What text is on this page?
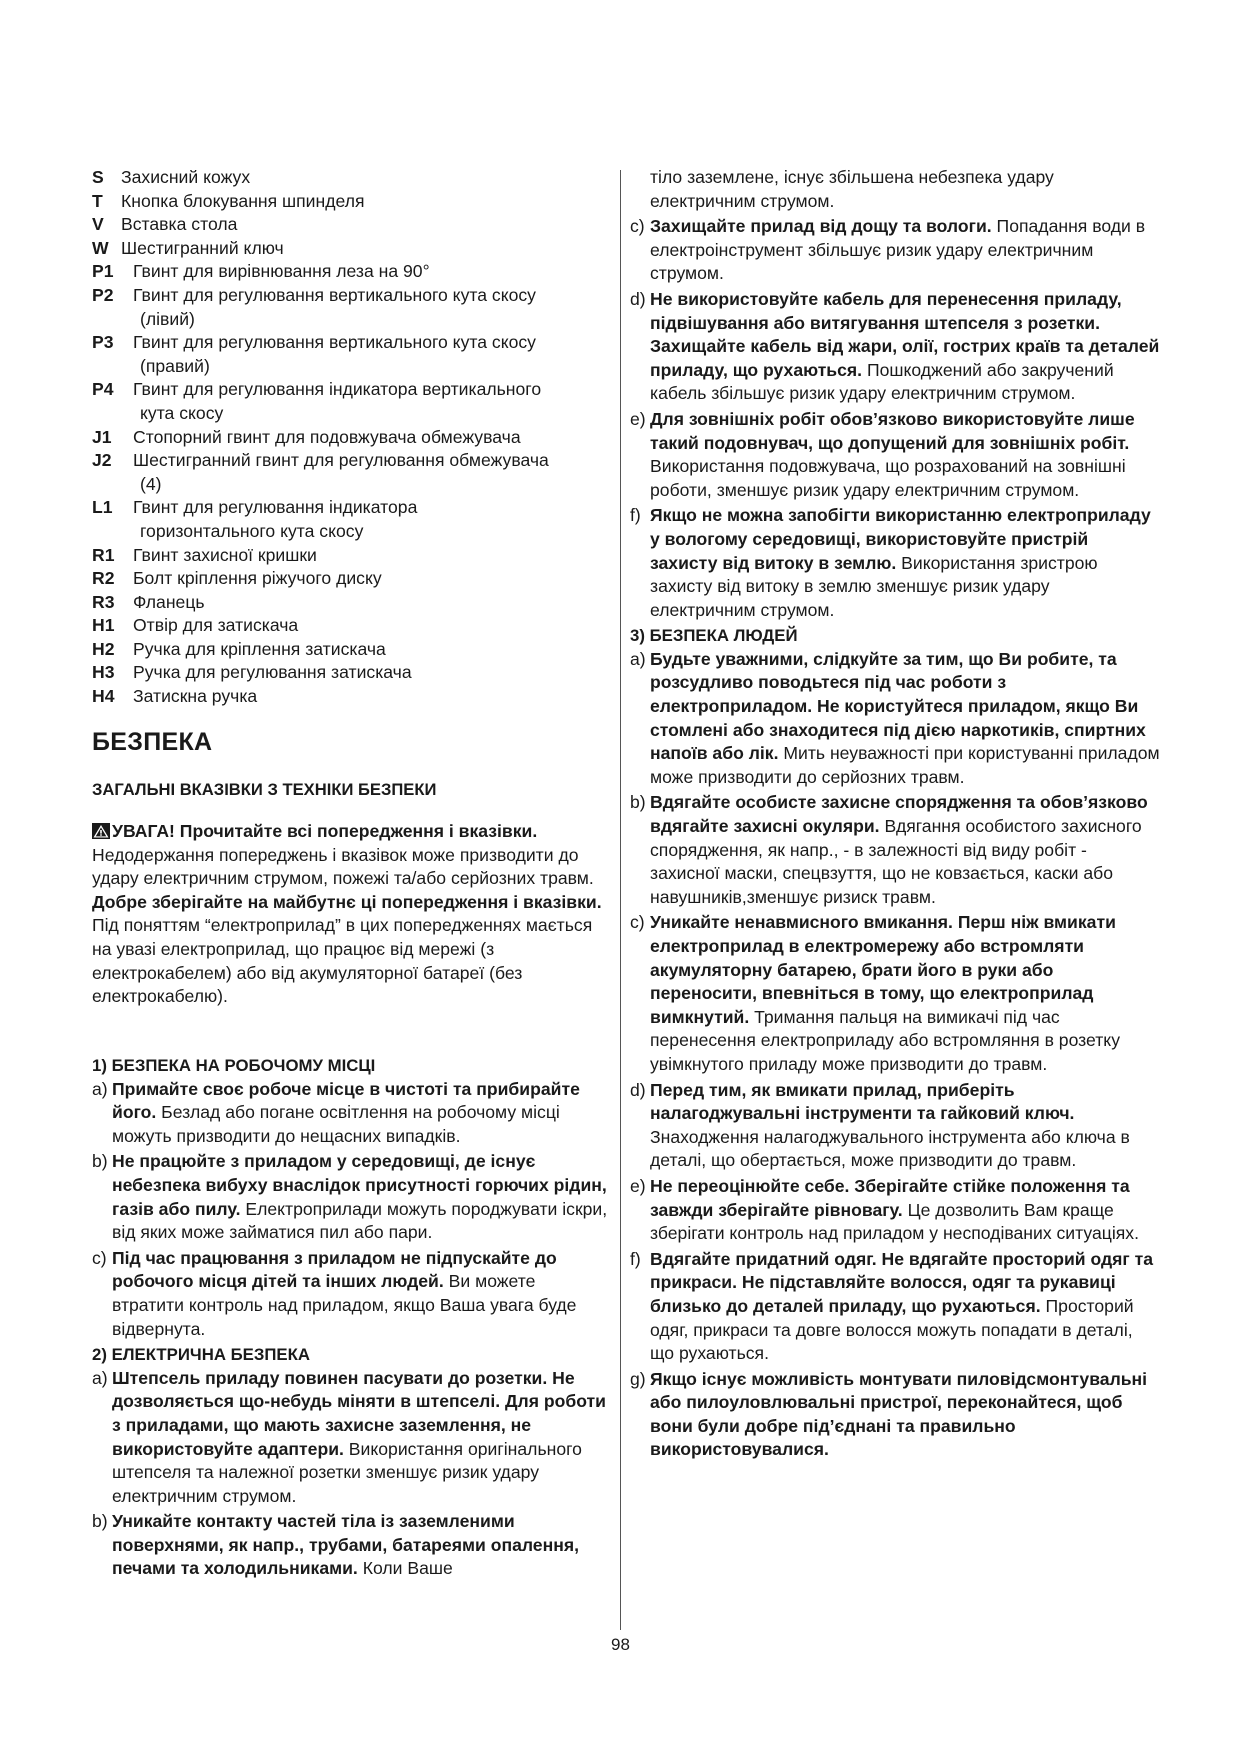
S Захисний кожух
T Кнопка блокування шпинделя
V Вставка стола
W Шестигранний ключ
P1 Гвинт для вирівнювання леза на 90°
P2 Гвинт для регулювання вертикального кута скосу
(лівий)
P3 Гвинт для регулювання вертикального кута скосу
(правий)
P4 Гвинт для регулювання індикатора вертикального
кута скосу
J1 Стопорний гвинт для подовжувача обмежувача
J2 Шестигранний гвинт для регулювання обмежувача
(4)
L1 Гвинт для регулювання індикатора
горизонтального кута скосу
R1 Гвинт захисної кришки
R2 Болт кріплення ріжучого диску
R3 Фланець
H1 Отвір для затискача
H2 Ручка для кріплення затискача
H3 Ручка для регулювання затискача
H4 Затискна ручка
БЕЗПЕКА
ЗАГАЛЬНІ ВКАЗІВКИ З ТЕХНІКИ БЕЗПЕКИ
УВАГА! Прочитайте всі попередження і вказівки. Недодержання попереджень і вказівок може призводити до удару електричним струмом, пожежі та/або серйозних травм. Добре зберігайте на майбутнє ці попередження і вказівки. Під поняттям “електроприлад” в цих попередженнях мається на увазі електроприлад, що працює від мережі (з електрокабелем) або від акумуляторної батареї (без електрокабелю).

1) БЕЗПЕКА НА РОБОЧОМУ МІСЦІ

a) Примайте своє робоче місце в чистоті та прибирайте його. Безлад або погане освітлення на робочому місці можуть призводити до нещасних випадків.

b) Не працюйте з приладом у середовищі, де існує небезпека вибуху внаслідок присутності горючих рідин, газів або пилу. Електроприлади можуть породжувати іскри, від яких може займатися пил або пари.

c) Під час працювання з приладом не підпускайте до робочого місця дітей та інших людей. Ви можете втратити контроль над приладом, якщо Ваша увага буде відвернута.

2) ЕЛЕКТРИЧНА БЕЗПЕКА

a) Штепсель приладу повинен пасувати до розетки. Не дозволяється що-небудь міняти в штепселі. Для роботи з приладами, що мають захисне заземлення, не використовуйте адаптери. Використання оригінального штепселя та належної розетки зменшує ризик удару електричним струмом.

b) Уникайте контакту частей тіла із заземленими поверхнями, як напр., трубами, батареями опалення, печами та холодильниками. Коли Ваше

тіло заземлене, існує збільшена небезпека удару електричним струмом.

c) Захищайте прилад від дощу та вологи. Попадання води в електроінструмент збільшує ризик удару електричним струмом.

d) Не використовуйте кабель для перенесення приладу, підвішування або витягування штепселя з розетки. Захищайте кабель від жари, олії, гострих країв та деталей приладу, що рухаються. Пошкоджений або закручений кабель збільшує ризик удару електричним струмом.

e) Для зовнішніх робіт обов’язково використовуйте лише такий подовнувач, що допущений для зовнішніх робіт. Використання подовжувача, що розрахований на зовнішні роботи, зменшує ризик удару електричним струмом.

f) Якщо не можна запобігти використанню електроприладу у вологому середовищі, використовуйте пристрій захисту від витоку в землю. Використання зристрою захисту від витоку в землю зменшує ризик удару електричним струмом.

3) БЕЗПЕКА ЛЮДЕЙ

a) Будьте уважними, слідкуйте за тим, що Ви робите, та розсудливо поводьтеся під час роботи з електроприладом. Не користуйтеся приладом, якщо Ви стомлені або знаходитеся під дією наркотиків, спиртних напоїв або лік. Мить неуважності при користуванні приладом може призводити до серйозних травм.

b) Вдягайте особисте захисне спорядження та обов’язково вдягайте захисні окуляри. Вдягання особистого захисного спорядження, як напр., - в залежності від виду робіт - захисної маски, спецвзуття, що не ковзається, каски або навушників,зменшує ризиск травм.

c) Уникайте ненавмисного вмикання. Перш ніж вмикати електроприлад в електромережу або встромляти акумуляторну батарею, брати його в руки або переносити, впевніться в тому, що електроприлад вимкнутий. Тримання пальця на вимикачі під час перенесення електроприладу або встромляння в розетку увімкнутого приладу може призводити до травм.

d) Перед тим, як вмикати прилад, приберіть налагоджувальні інструменти та гайковий ключ. Знаходження налагоджувального інструмента або ключа в деталі, що обертається, може призводити до травм.

e) Не переоцінюйте себе. Зберігайте стійке положення та завжди зберігайте рівновагу. Це дозволить Вам краще зберігати контроль над приладом у несподіваних ситуаціях.

f) Вдягайте придатний одяг. Не вдягайте просторий одяг та прикраси. Не підставляйте волосся, одяг та рукавиці близько до деталей приладу, що рухаються. Просторий одяг, прикраси та довге волосся можуть попадати в деталі, що рухаються.

g) Якщо існує можливість монтувати пиловідсмонтувальні або пилоуловлювальні пристрої, переконайтеся, щоб вони були добре під’єднані та правильно використовувалися.

98
